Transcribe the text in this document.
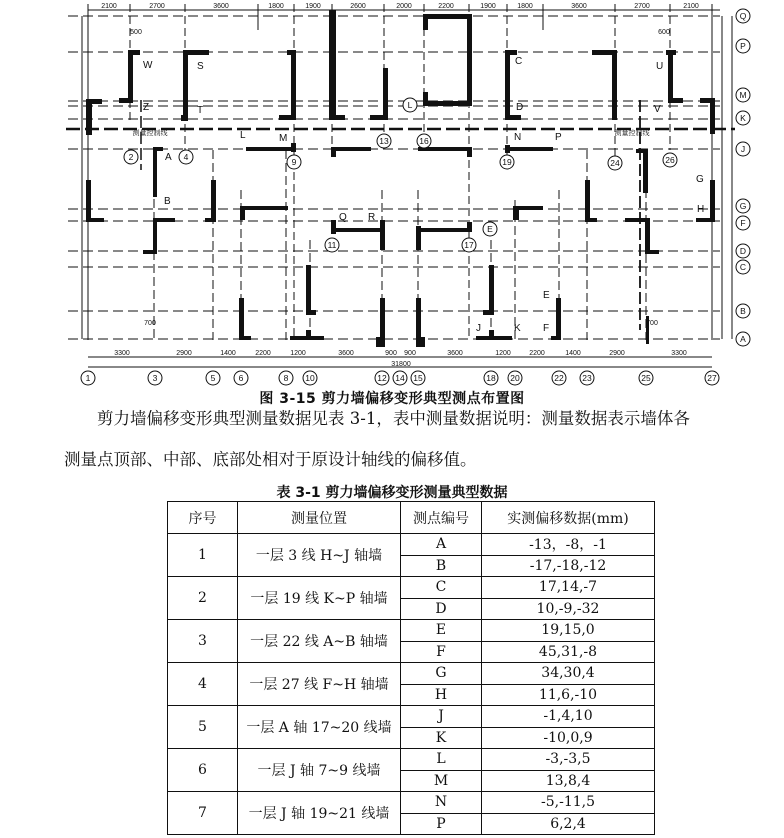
2100	2700	3600	1800	1900	2600	2000	2200	1900	1800	3600	2700	2100
500	600
700	700
3300	2900	1400	2200	1200	3600	900 900	3600	1200	2200	1400	2900	3300
31800
测量控制线	测量控制线
W
Z
S
T
A
B
L	M
C
D
N	P
Q R
U
V
G
H
E
F
J	K
1	3	5	6	8 10	12 14 15	18 20	22 23	25	27
2	4	9
13	16
19	24	26
11	17
L
E
Q
P
M
K
J
G
F
D
C
B
A
图 3-15 剪力墙偏移变形典型测点布置图
剪力墙偏移变形典型测量数据见表 3-1，表中测量数据说明：测量数据表示墙体各
测量点顶部、中部、底部处相对于原设计轴线的偏移值。
表 3-1 剪力墙偏移变形测量典型数据
序号	测量位置	测点编号	实测偏移数据(mm)
1	一层 3 线 H~J 轴墙	A	-13，-8，-1
		B	-17,-18,-12
2	一层 19 线 K~P 轴墙	C	17,14,-7
		D	10,-9,-32
3	一层 22 线 A~B 轴墙	E	19,15,0
		F	45,31,-8
4	一层 27 线 F~H 轴墙	G	34,30,4
		H	11,6,-10
5	一层 A 轴 17~20 线墙	J	-1,4,10
		K	-10,0,9
6	一层 J 轴 7~9 线墙	L	-3,-3,5
		M	13,8,4
7	一层 J 轴 19~21 线墙	N	-5,-11,5
		P	6,2,4
